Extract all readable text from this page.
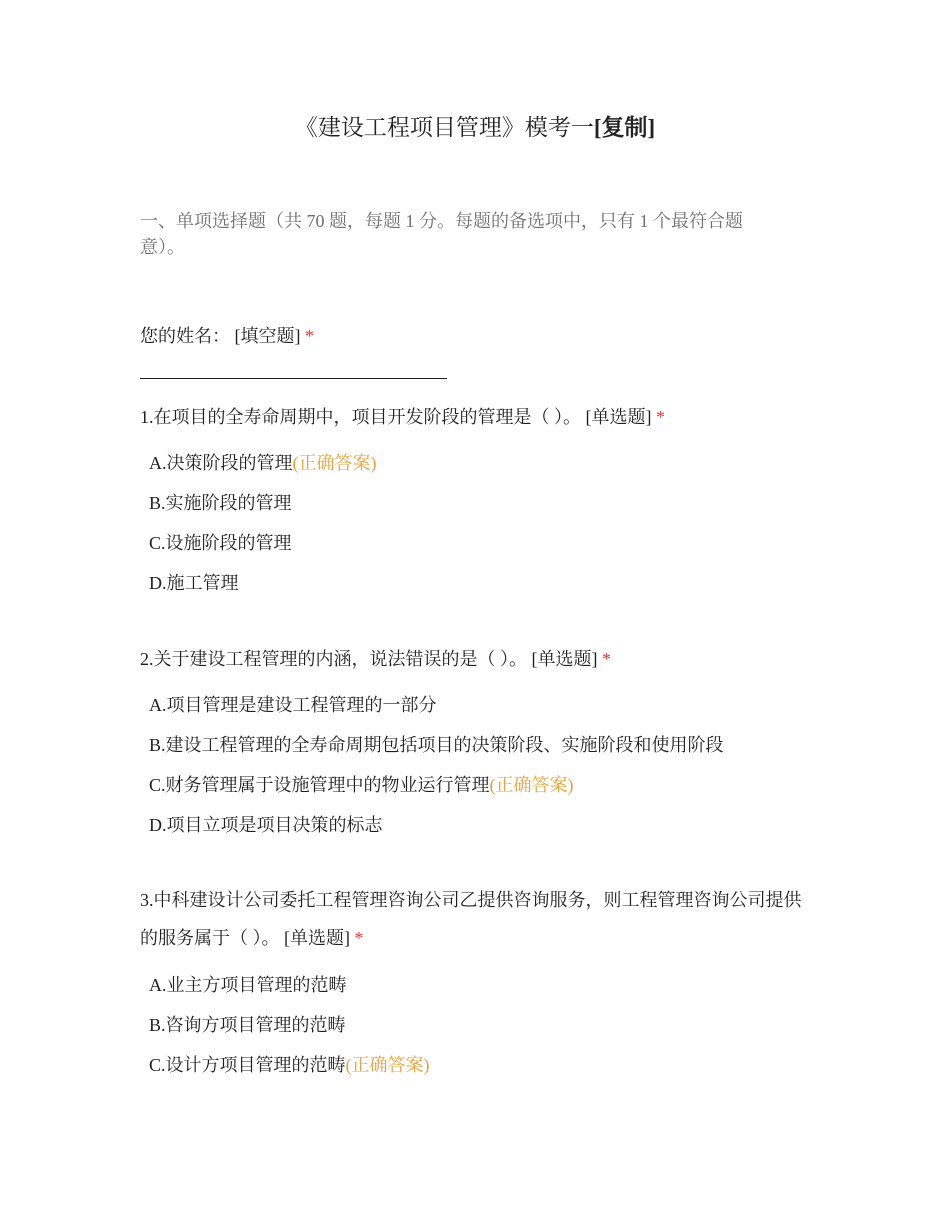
《建设工程项目管理》模考一[复制]
一、单项选择题（共 70 题，每题 1 分。每题的备选项中，只有 1 个最符合题意）。
您的姓名： [填空题] *
1.在项目的全寿命周期中，项目开发阶段的管理是（ ）。 [单选题] *
A.决策阶段的管理(正确答案)
B.实施阶段的管理
C.设施阶段的管理
D.施工管理
2.关于建设工程管理的内涵，说法错误的是（ ）。 [单选题] *
A.项目管理是建设工程管理的一部分
B.建设工程管理的全寿命周期包括项目的决策阶段、实施阶段和使用阶段
C.财务管理属于设施管理中的物业运行管理(正确答案)
D.项目立项是项目决策的标志
3.中科建设计公司委托工程管理咨询公司乙提供咨询服务，则工程管理咨询公司提供的服务属于（ ）。 [单选题] *
A.业主方项目管理的范畴
B.咨询方项目管理的范畴
C.设计方项目管理的范畴(正确答案)
